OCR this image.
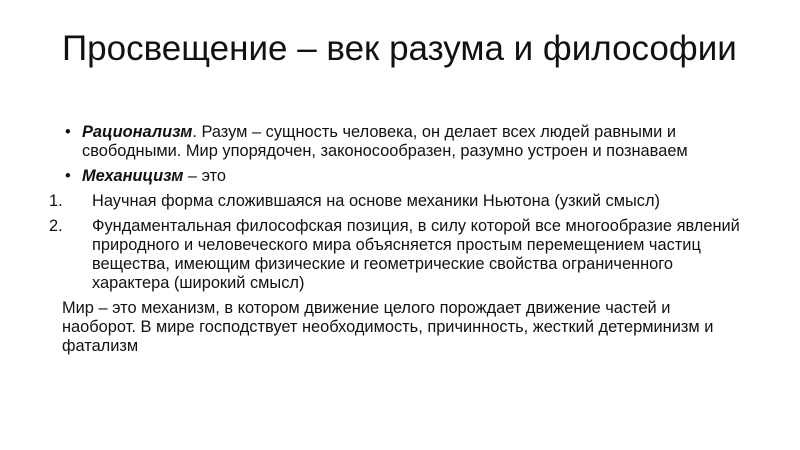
Просвещение – век разума и философии
• Рационализм. Разум – сущность человека, он делает всех людей равными и свободными. Мир упорядочен, законосообразен, разумно устроен и познаваем
• Механицизм – это
1. Научная форма сложившаяся на основе механики Ньютона (узкий смысл)
2. Фундаментальная философская позиция, в силу которой все многообразие явлений природного и человеческого мира объясняется простым перемещением частиц вещества, имеющим физические и геометрические свойства ограниченного характера (широкий смысл)

Мир – это механизм, в котором движение целого порождает движение частей и наоборот. В мире господствует необходимость, причинность, жесткий детерминизм и фатализм
